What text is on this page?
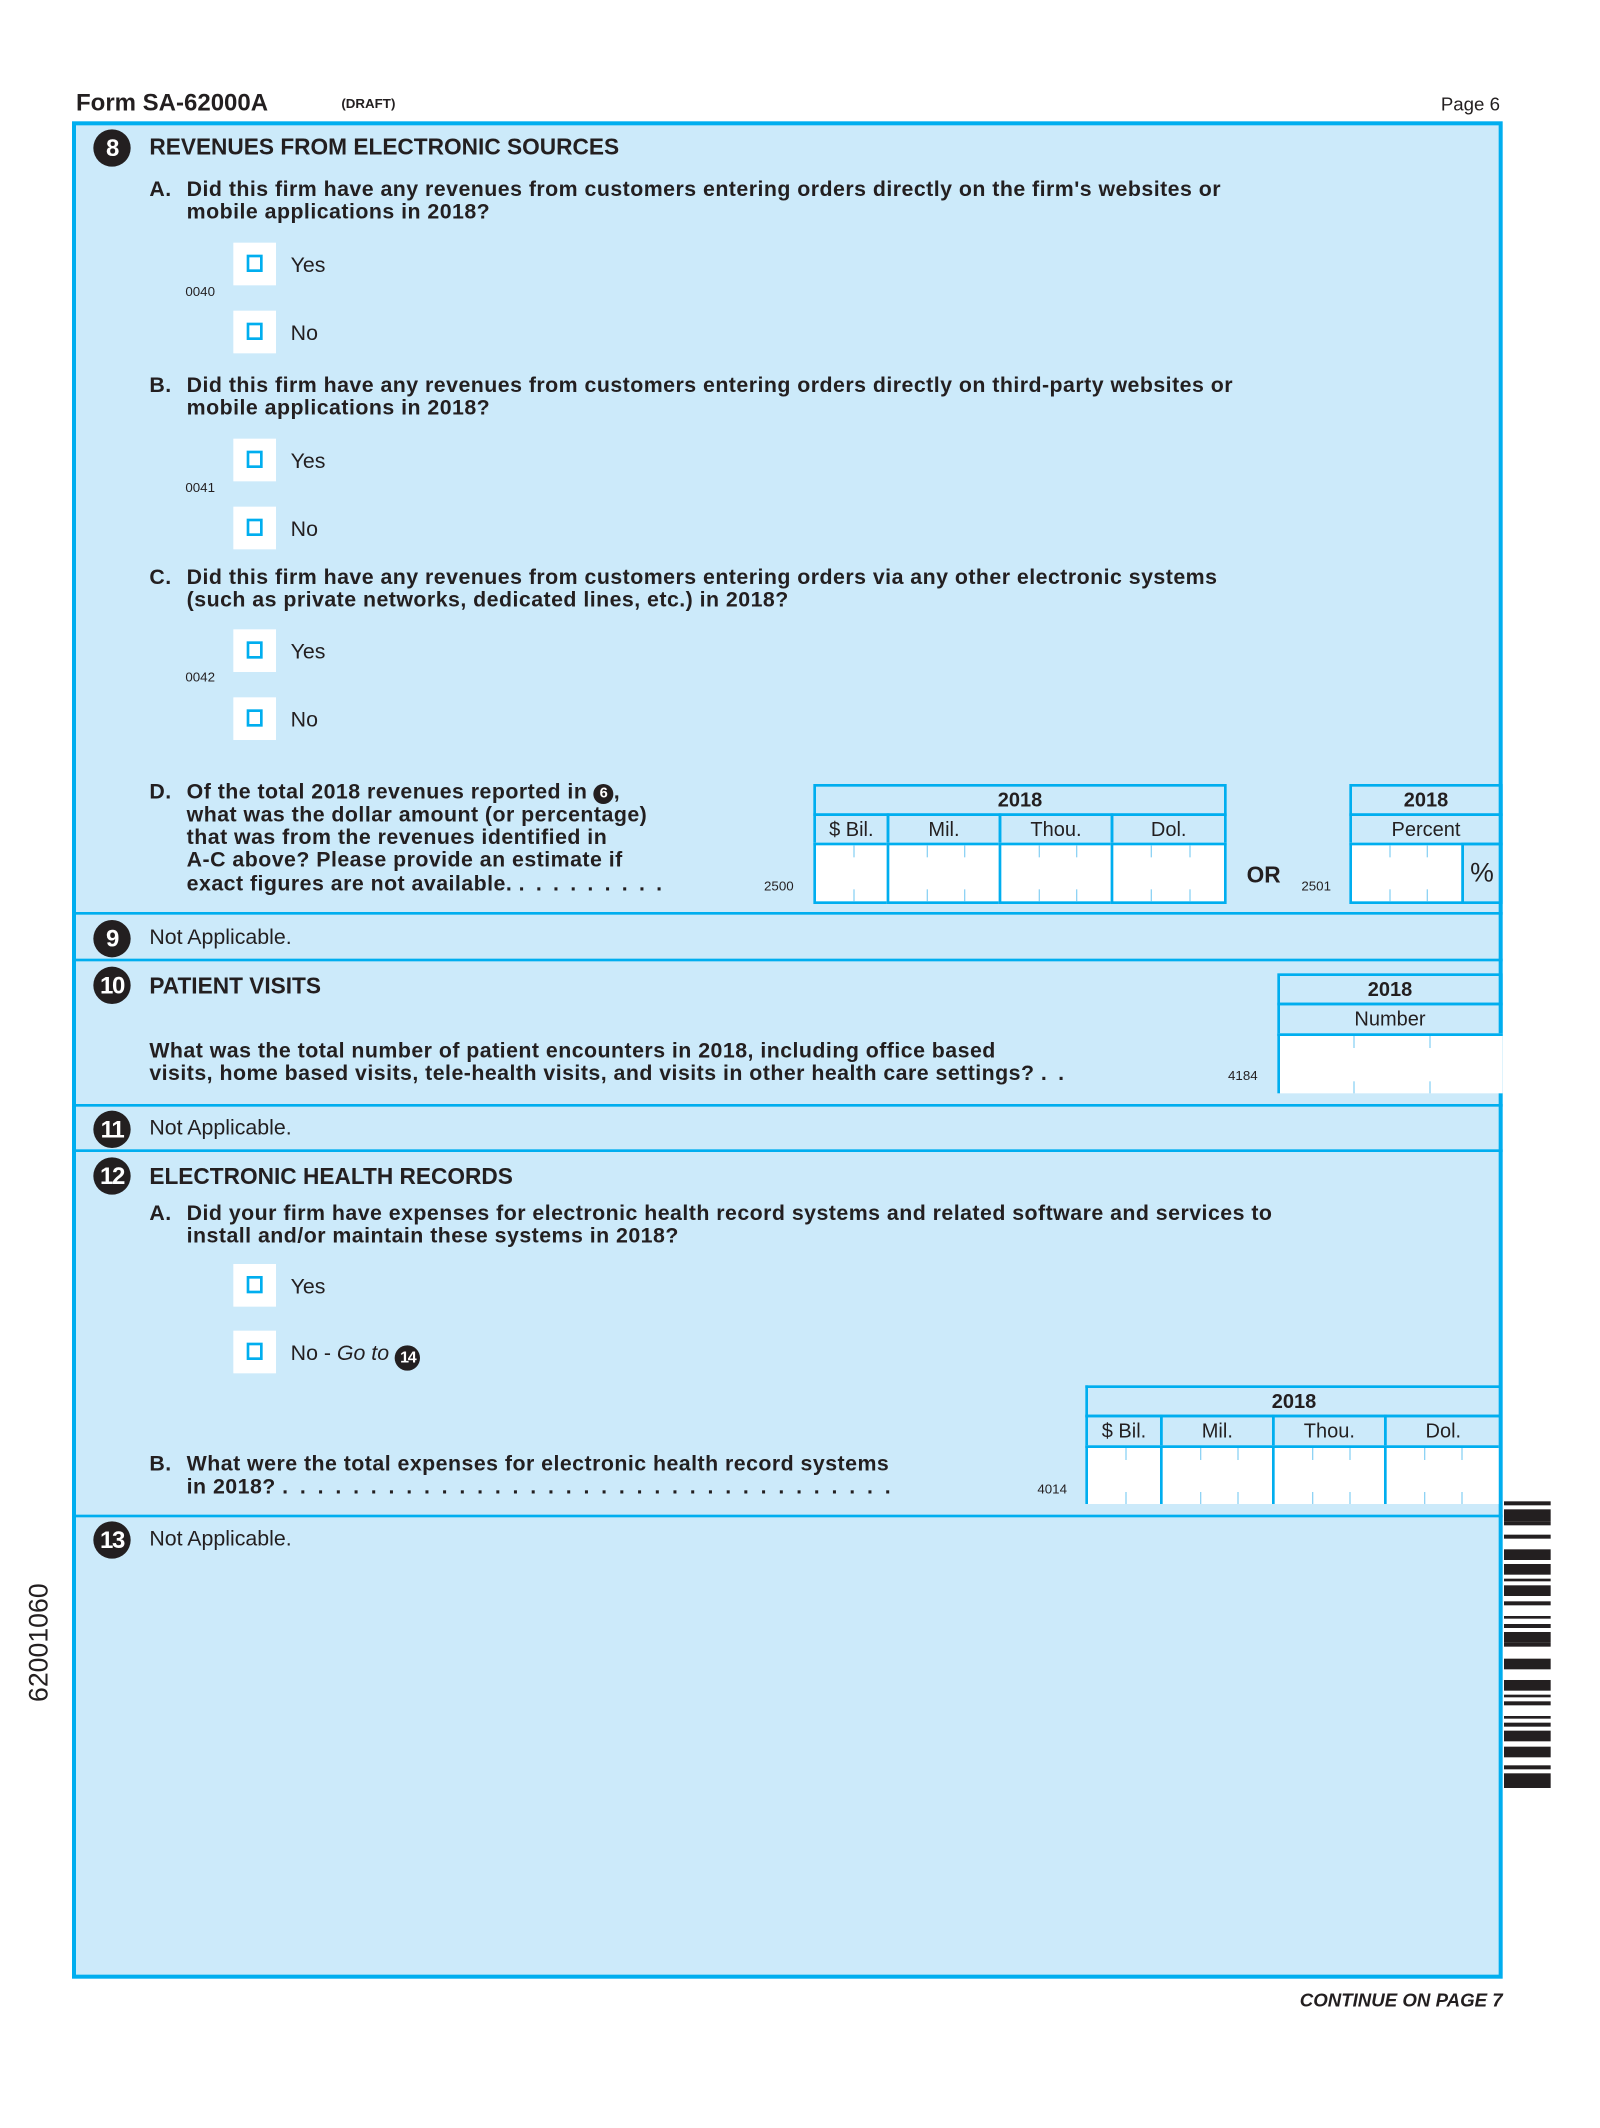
Form SA-62000A	(DRAFT)	Page 6
8	REVENUES FROM ELECTRONIC SOURCES
A. Did this firm have any revenues from customers entering orders directly on the firm's websites or
mobile applications in 2018?
Yes
0040
No
B. Did this firm have any revenues from customers entering orders directly on third-party websites or
mobile applications in 2018?
Yes
0041
No
C. Did this firm have any revenues from customers entering orders via any other electronic systems
(such as private networks, dedicated lines, etc.) in 2018?
Yes
0042
No
D. Of the total 2018 revenues reported in 6 ,
what was the dollar amount (or percentage)
that was from the revenues identified in
A-C above? Please provide an estimate if
exact figures are not available. . . . . . . . . .	2500
2018
$ Bil.	Mil.	Thou.	Dol.
OR 2501
2018
Percent
%
9	Not Applicable.
10	PATIENT VISITS
What was the total number of patient encounters in 2018, including office based
visits, home based visits, tele-health visits, and visits in other health care settings? . .	4184
2018
Number
11	Not Applicable.
12	ELECTRONIC HEALTH RECORDS
A. Did your firm have expenses for electronic health record systems and related software and services to
install and/or maintain these systems in 2018?
Yes
No - Go to 14
B. What were the total expenses for electronic health record systems
in 2018? . . . . . . . . . . . . . . . . . . . . . . . . . . . . . . . . . . .	4014
2018
$ Bil.	Mil.	Thou.	Dol.
13	Not Applicable.
CONTINUE ON PAGE 7
62001060
